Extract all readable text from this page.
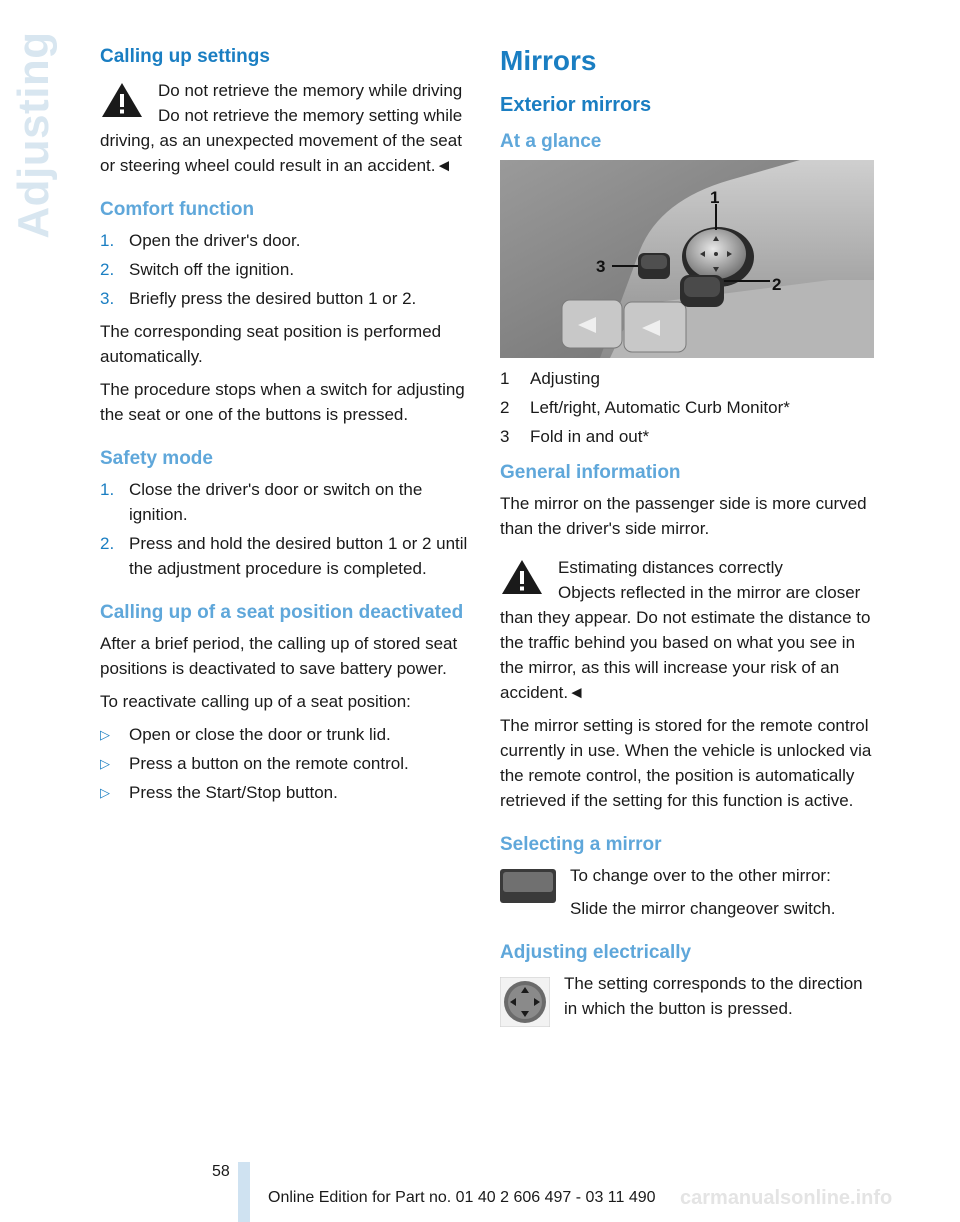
Adjusting Calling up settings

Do not retrieve the memory while driving

Do not retrieve the memory setting while driving, as an unexpected movement of the seat or steering wheel could result in an accident.◄

Comfort function
1. Open the driver's door.
2. Switch off the ignition.
3. Briefly press the desired button 1 or 2.

The corresponding seat position is performed automatically.

The procedure stops when a switch for adjusting the seat or one of the buttons is pressed.

Safety mode
1. Close the driver's door or switch on the ignition.
2. Press and hold the desired button 1 or 2 until the adjustment procedure is completed.
Calling up of a seat position deactivated

After a brief period, the calling up of stored seat positions is deactivated to save battery power.

To reactivate calling up of a seat position:

▷ Open or close the door or trunk lid.
▷ Press a button on the remote control.
▷ Press the Start/Stop button.
Mirrors
Exterior mirrors
At a glance
1
2
3
1	Adjusting
2	Left/right, Automatic Curb Monitor*
3	Fold in and out*
General information

The mirror on the passenger side is more curved than the driver's side mirror.

Estimating distances correctly

Objects reflected in the mirror are closer than they appear. Do not estimate the distance to the traffic behind you based on what you see in the mirror, as this will increase your risk of an accident.◄

The mirror setting is stored for the remote control currently in use. When the vehicle is unlocked via the remote control, the position is automatically retrieved if the setting for this function is active.

Selecting a mirror

To change over to the other mirror:

Slide the mirror changeover switch.

Adjusting electrically

The setting corresponds to the direction in which the button is pressed.

58
Online Edition for Part no. 01 40 2 606 497 - 03 11 490 carmanualsonline.info
